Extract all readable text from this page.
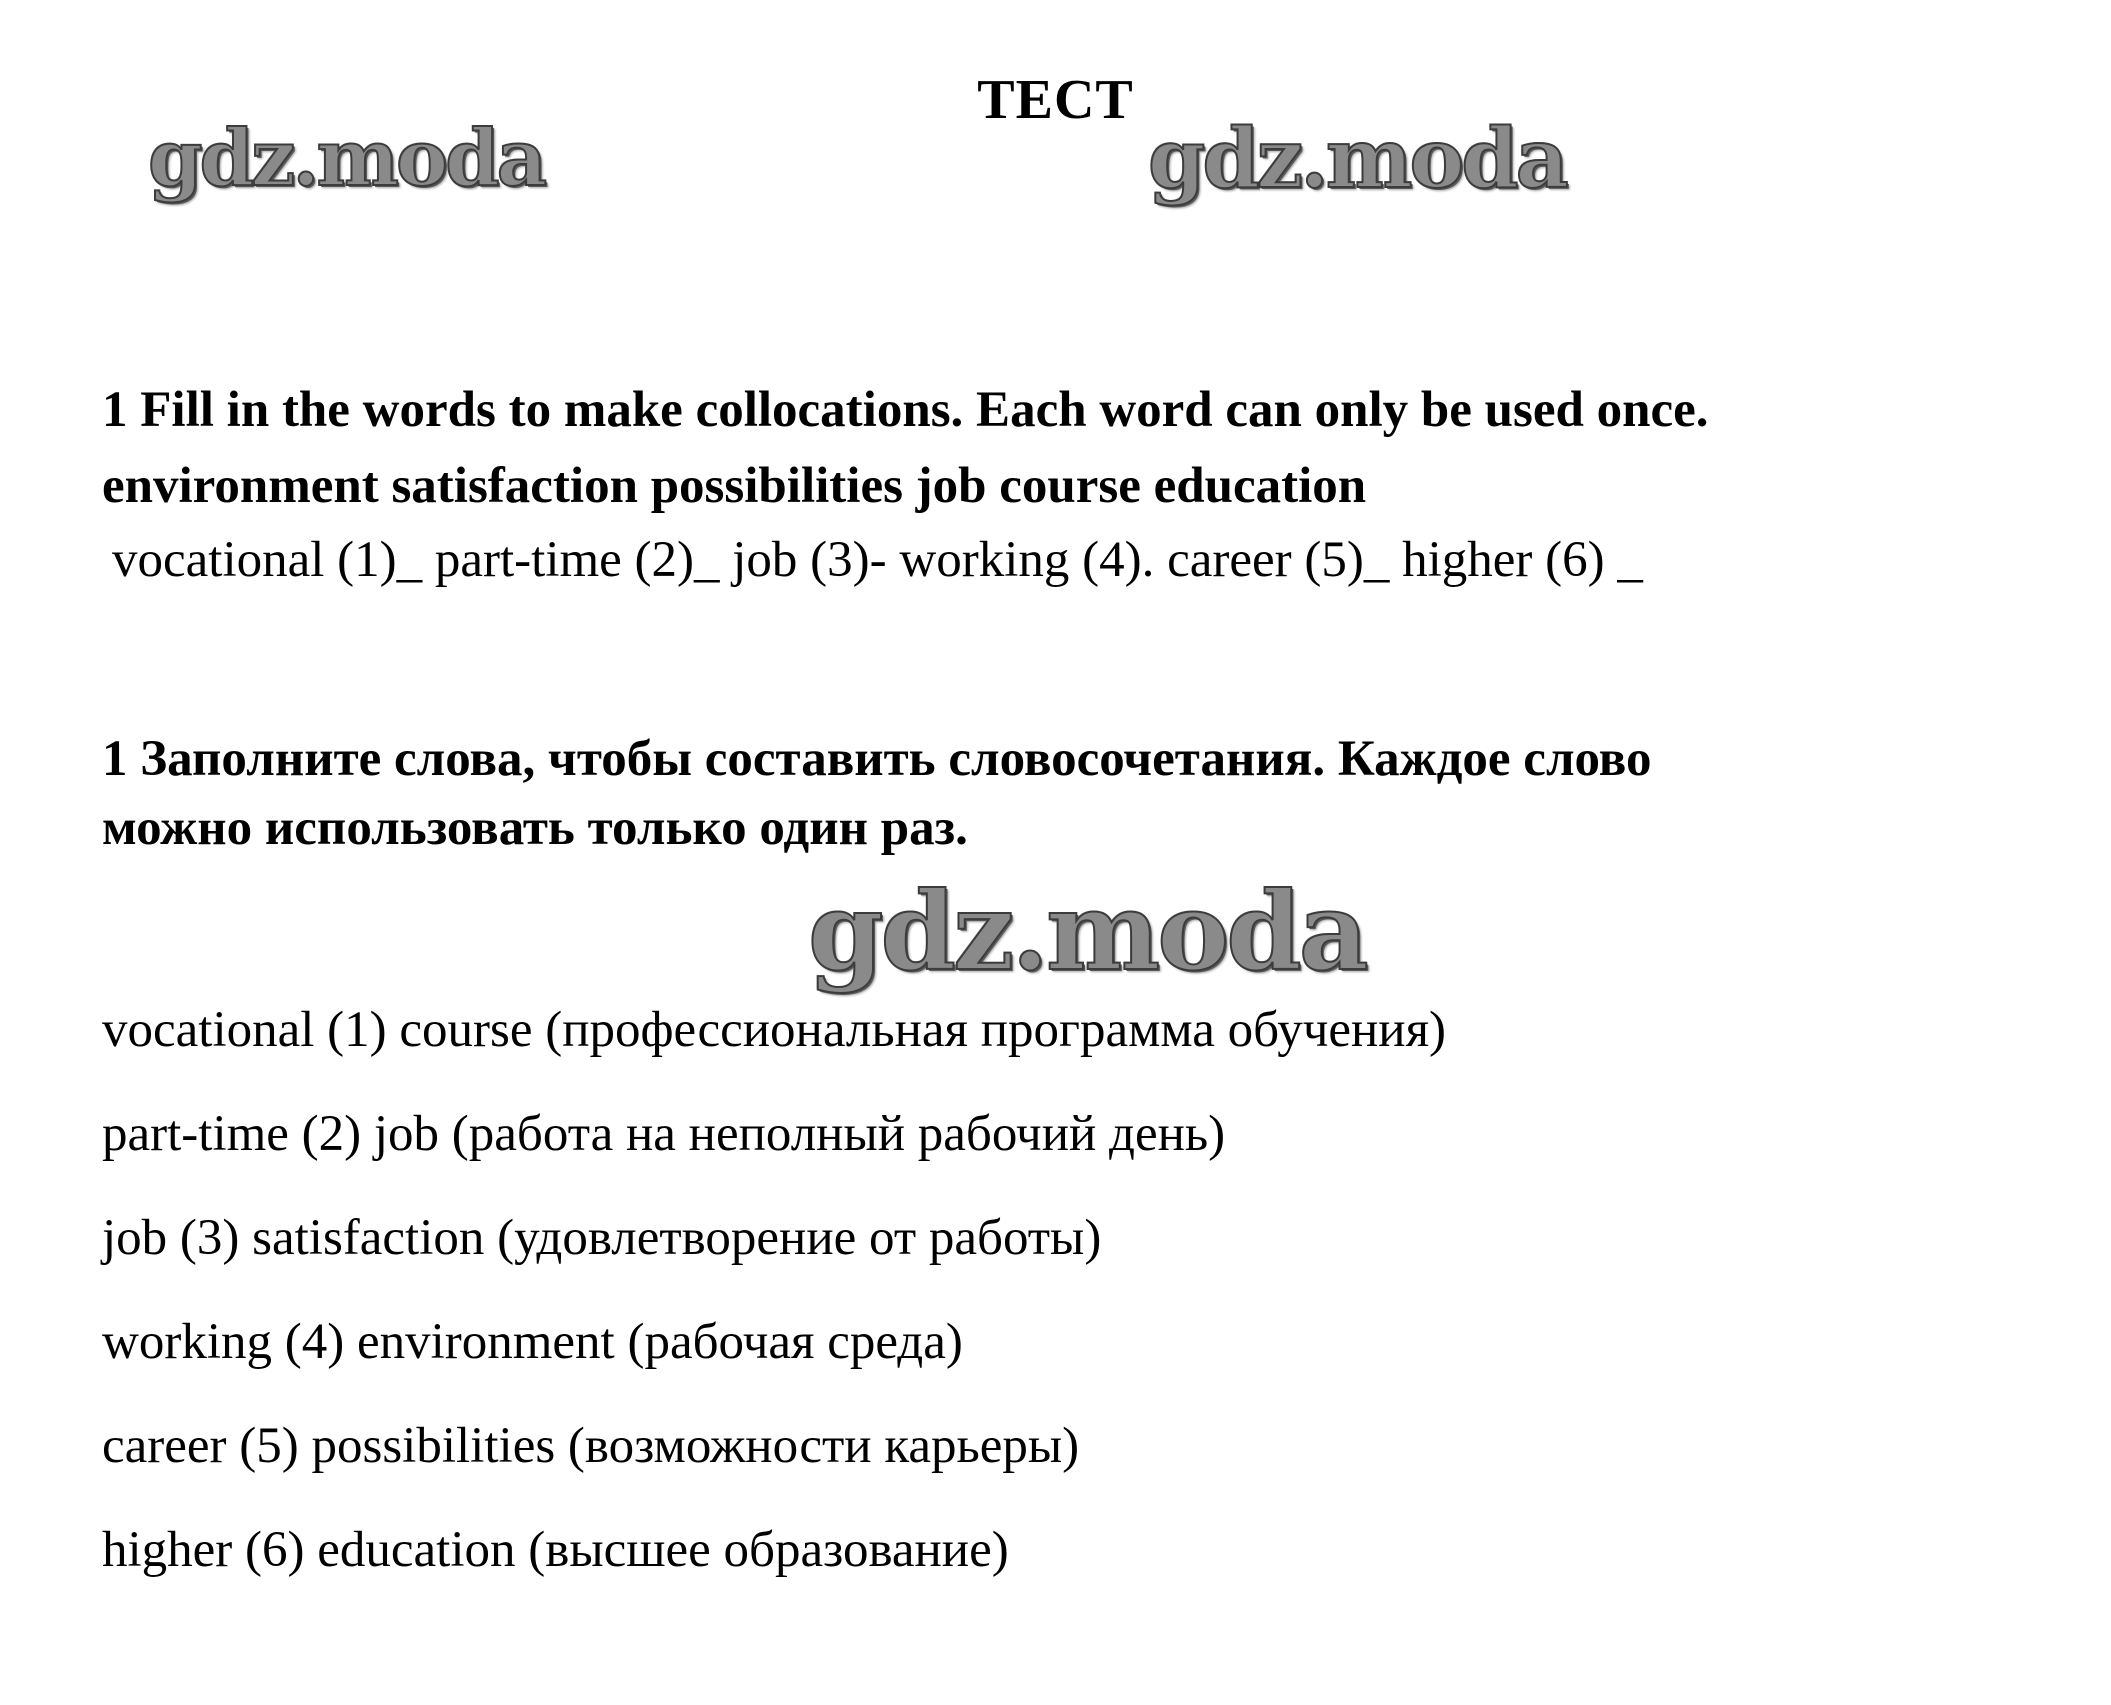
ТЕСТ
gdz.moda	gdz.moda
gdz.moda
1 Fill in the words to make collocations. Each word can only be used once.
environment satisfaction possibilities job course education
vocational (1)_ part-time (2)_ job (3)- working (4). career (5)_ higher (6) _
1 Заполните слова, чтобы составить словосочетания. Каждое слово
можно использовать только один раз.
vocational (1) course (профессиональная программа обучения)
part-time (2) job (работа на неполный рабочий день)
job (3) satisfaction (удовлетворение от работы)
working (4) environment (рабочая среда)
career (5) possibilities (возможности карьеры)
higher (6) education (высшее образование)
